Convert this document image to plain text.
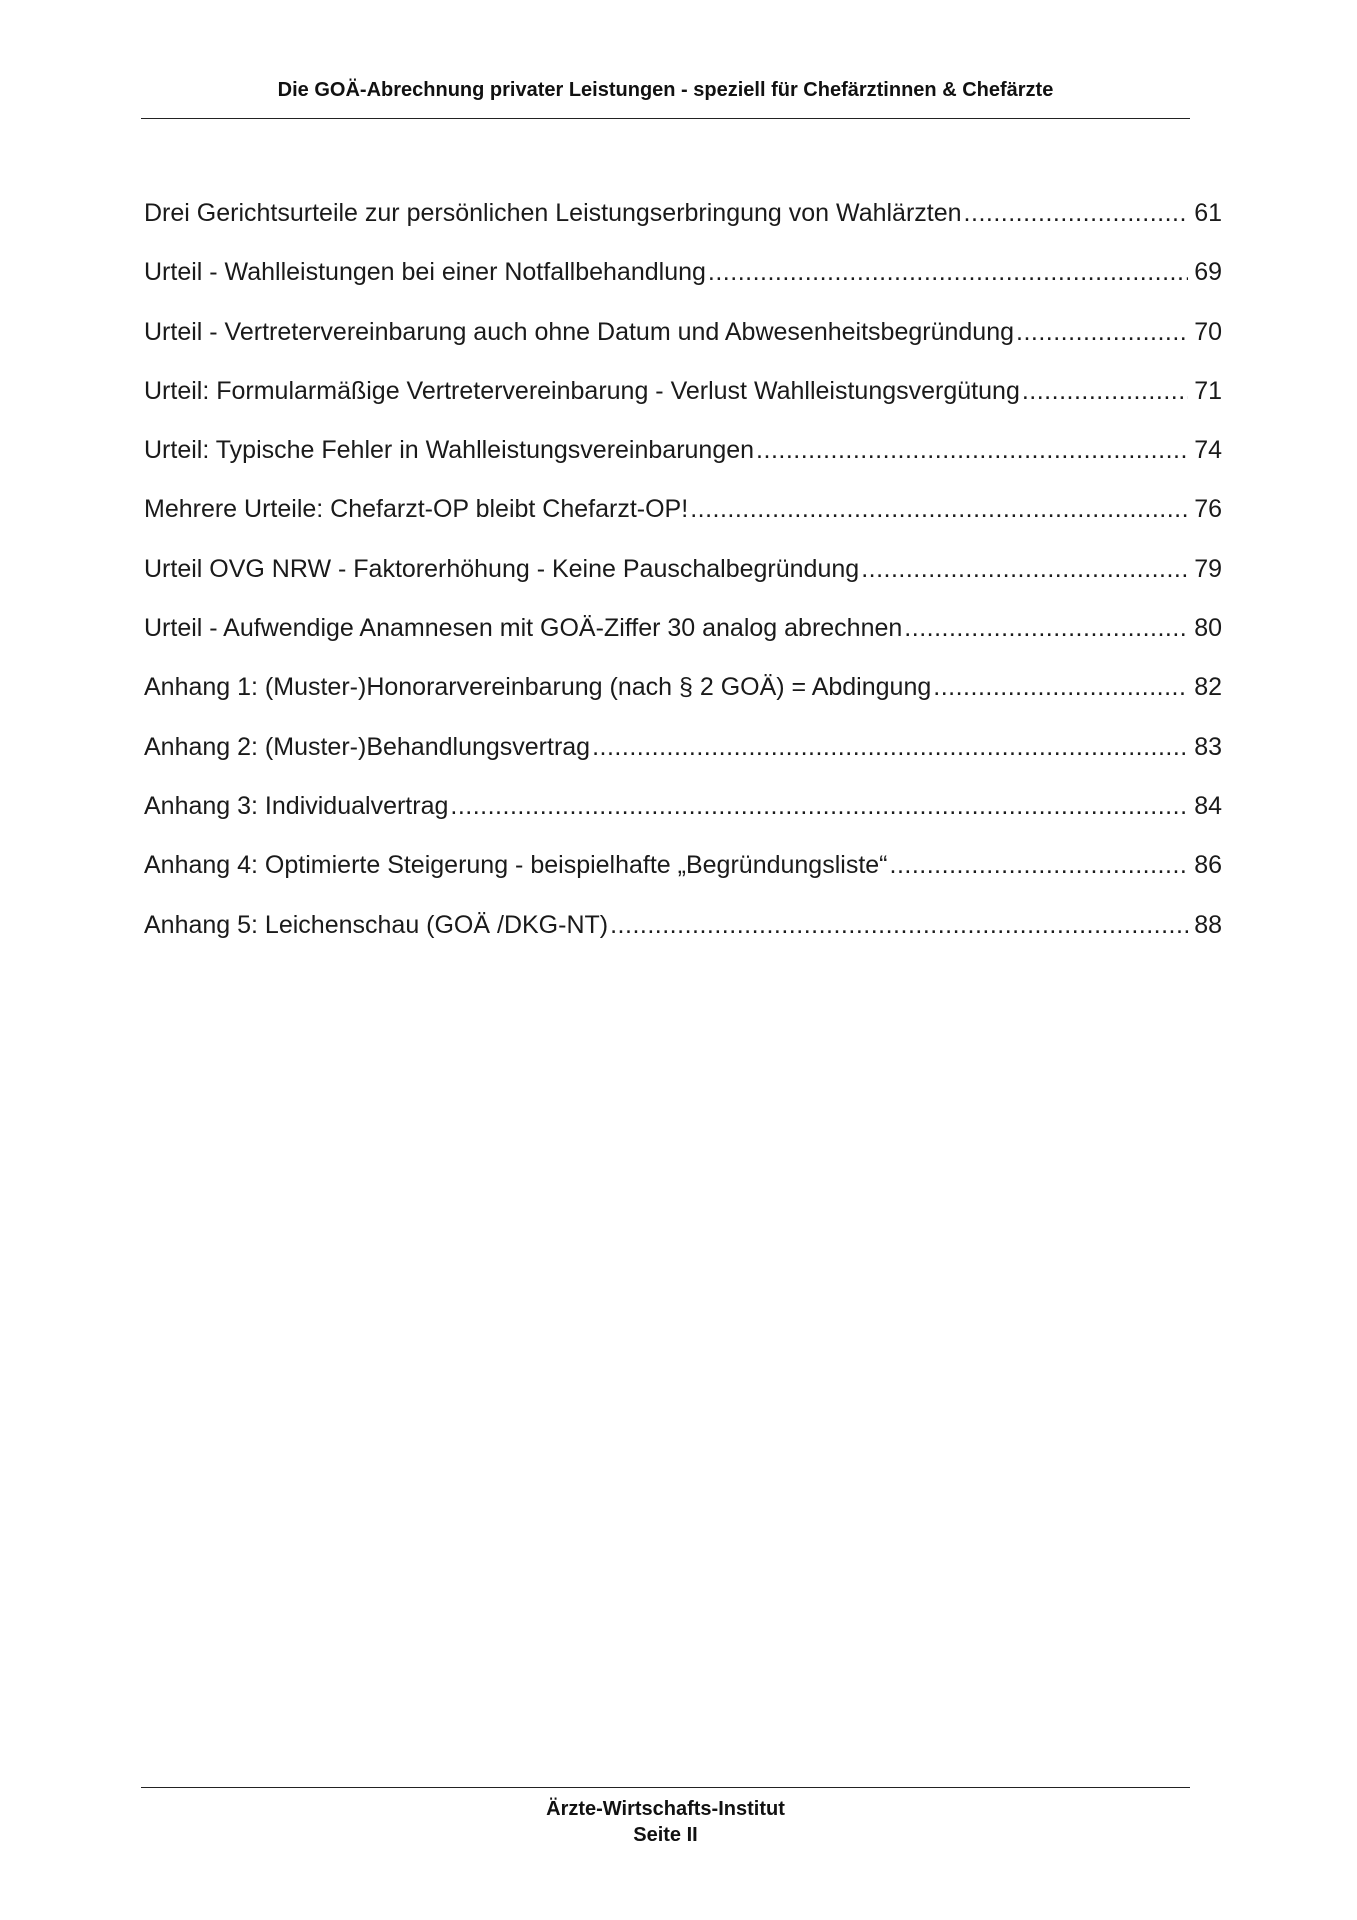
Die GOÄ-Abrechnung privater Leistungen - speziell für Chefärztinnen & Chefärzte
Drei Gerichtsurteile zur persönlichen Leistungserbringung von Wahlärzten .....	61
Urteil - Wahlleistungen bei einer Notfallbehandlung .....	69
Urteil - Vertretervereinbarung auch ohne Datum und Abwesenheitsbegründung .....	70
Urteil: Formularmäßige Vertretervereinbarung - Verlust Wahlleistungsvergütung .....	71
Urteil: Typische Fehler in Wahlleistungsvereinbarungen .....	74
Mehrere Urteile: Chefarzt-OP bleibt Chefarzt-OP! .....	76
Urteil OVG NRW - Faktorerhöhung - Keine Pauschalbegründung .....	79
Urteil - Aufwendige Anamnesen mit GOÄ-Ziffer 30 analog abrechnen .....	80
Anhang 1: (Muster-)Honorarvereinbarung (nach § 2 GOÄ) = Abdingung .....	82
Anhang 2: (Muster-)Behandlungsvertrag .....	83
Anhang 3: Individualvertrag .....	84
Anhang 4: Optimierte Steigerung - beispielhafte „Begründungsliste“ .....	86
Anhang 5: Leichenschau (GOÄ /DKG-NT) .....	88
Ärzte-Wirtschafts-Institut
Seite II
